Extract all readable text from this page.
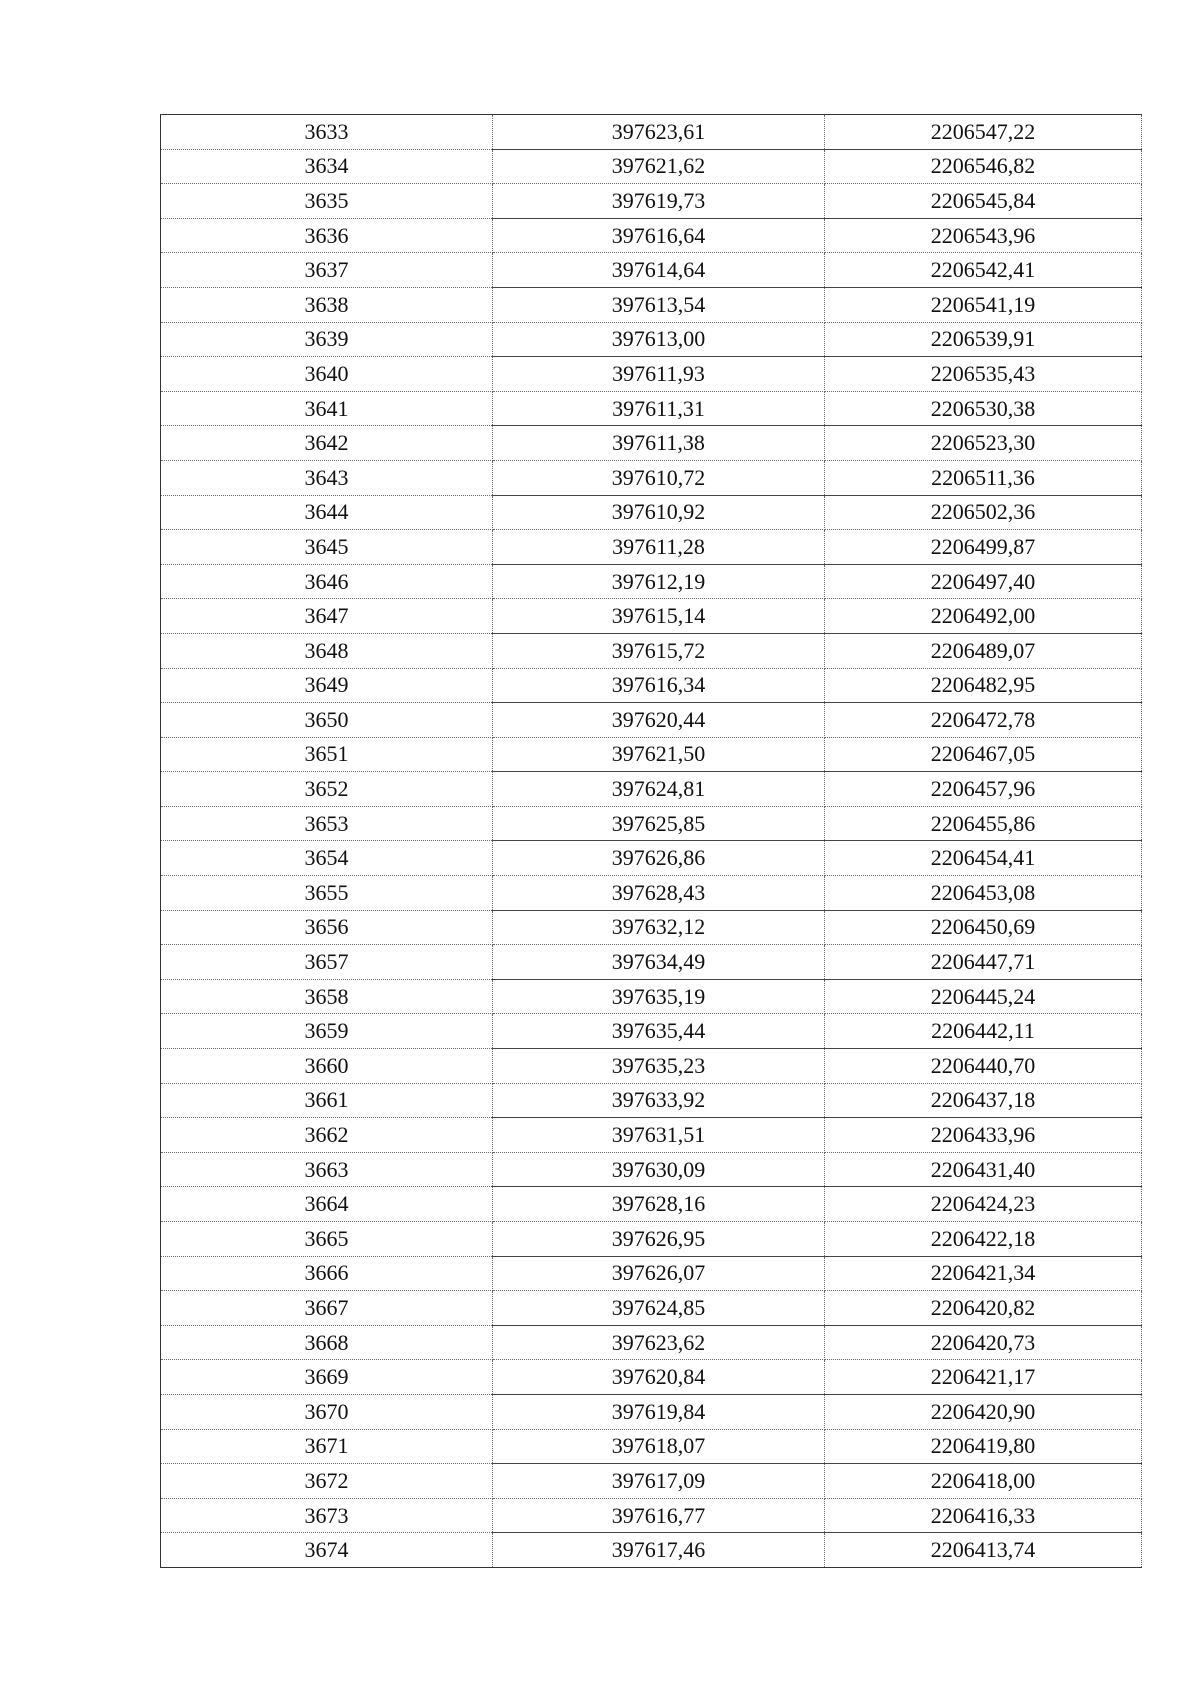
3633	397623,61	2206547,22
3634	397621,62	2206546,82
3635	397619,73	2206545,84
3636	397616,64	2206543,96
3637	397614,64	2206542,41
3638	397613,54	2206541,19
3639	397613,00	2206539,91
3640	397611,93	2206535,43
3641	397611,31	2206530,38
3642	397611,38	2206523,30
3643	397610,72	2206511,36
3644	397610,92	2206502,36
3645	397611,28	2206499,87
3646	397612,19	2206497,40
3647	397615,14	2206492,00
3648	397615,72	2206489,07
3649	397616,34	2206482,95
3650	397620,44	2206472,78
3651	397621,50	2206467,05
3652	397624,81	2206457,96
3653	397625,85	2206455,86
3654	397626,86	2206454,41
3655	397628,43	2206453,08
3656	397632,12	2206450,69
3657	397634,49	2206447,71
3658	397635,19	2206445,24
3659	397635,44	2206442,11
3660	397635,23	2206440,70
3661	397633,92	2206437,18
3662	397631,51	2206433,96
3663	397630,09	2206431,40
3664	397628,16	2206424,23
3665	397626,95	2206422,18
3666	397626,07	2206421,34
3667	397624,85	2206420,82
3668	397623,62	2206420,73
3669	397620,84	2206421,17
3670	397619,84	2206420,90
3671	397618,07	2206419,80
3672	397617,09	2206418,00
3673	397616,77	2206416,33
3674	397617,46	2206413,74
